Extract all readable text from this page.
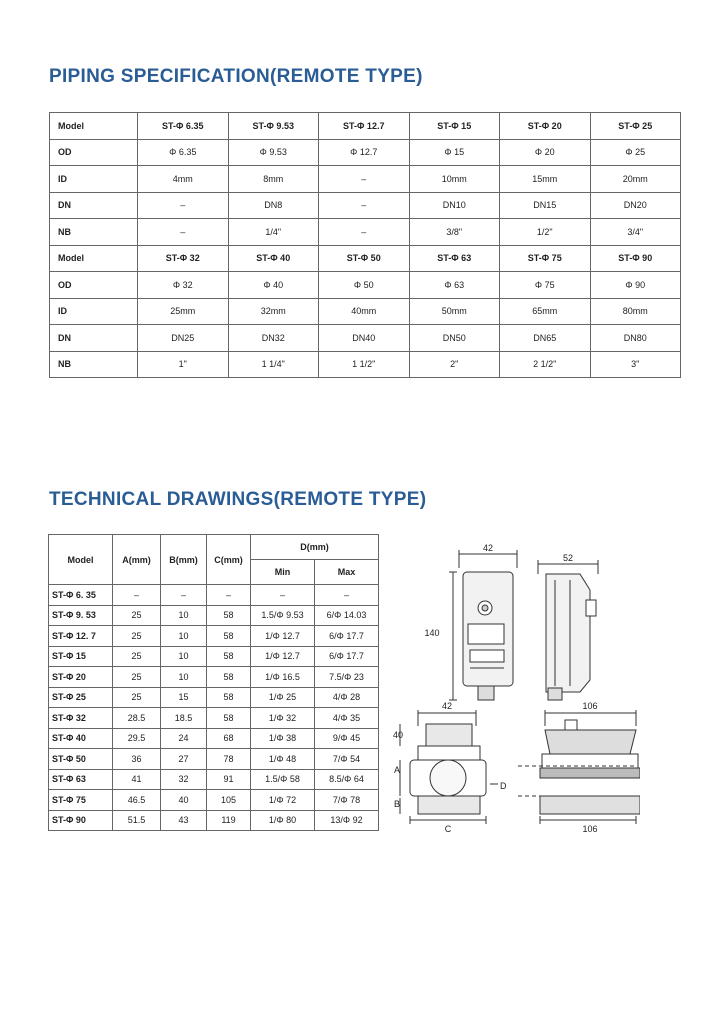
PIPING SPECIFICATION(REMOTE TYPE)
Model	ST-Φ 6.35	ST-Φ 9.53	ST-Φ 12.7	ST-Φ 15	ST-Φ 20	ST-Φ 25
OD	Φ 6.35	Φ 9.53	Φ 12.7	Φ 15	Φ 20	Φ 25
ID	4mm	8mm	–	10mm	15mm	20mm
DN	–	DN8	–	DN10	DN15	DN20
NB	–	1/4"	–	3/8"	1/2"	3/4"
Model	ST-Φ 32	ST-Φ 40	ST-Φ 50	ST-Φ 63	ST-Φ 75	ST-Φ 90
OD	Φ 32	Φ 40	Φ 50	Φ 63	Φ 75	Φ 90
ID	25mm	32mm	40mm	50mm	65mm	80mm
DN	DN25	DN32	DN40	DN50	DN65	DN80
NB	1"	1 1/4"	1 1/2"	2"	2 1/2"	3"
TECHNICAL DRAWINGS(REMOTE TYPE)
Model	A(mm)	B(mm)	C(mm)	D(mm)	
				Min	Max
ST-Φ 6. 35	–	–	–	–	–
ST-Φ 9. 53	25	10	58	1.5/Φ 9.53	6/Φ 14.03
ST-Φ 12. 7	25	10	58	1/Φ 12.7	6/Φ 17.7
ST-Φ 15	25	10	58	1/Φ 12.7	6/Φ 17.7
ST-Φ 20	25	10	58	1/Φ 16.5	7.5/Φ 23
ST-Φ 25	25	15	58	1/Φ 25	4/Φ 28
ST-Φ 32	28.5	18.5	58	1/Φ 32	4/Φ 35
ST-Φ 40	29.5	24	68	1/Φ 38	9/Φ 45
ST-Φ 50	36	27	78	1/Φ 48	7/Φ 54
ST-Φ 63	41	32	91	1.5/Φ 58	8.5/Φ 64
ST-Φ 75	46.5	40	105	1/Φ 72	7/Φ 78
ST-Φ 90	51.5	43	119	1/Φ 80	13/Φ 92
42
52
140
42
40
106
A
B
C
D
106
